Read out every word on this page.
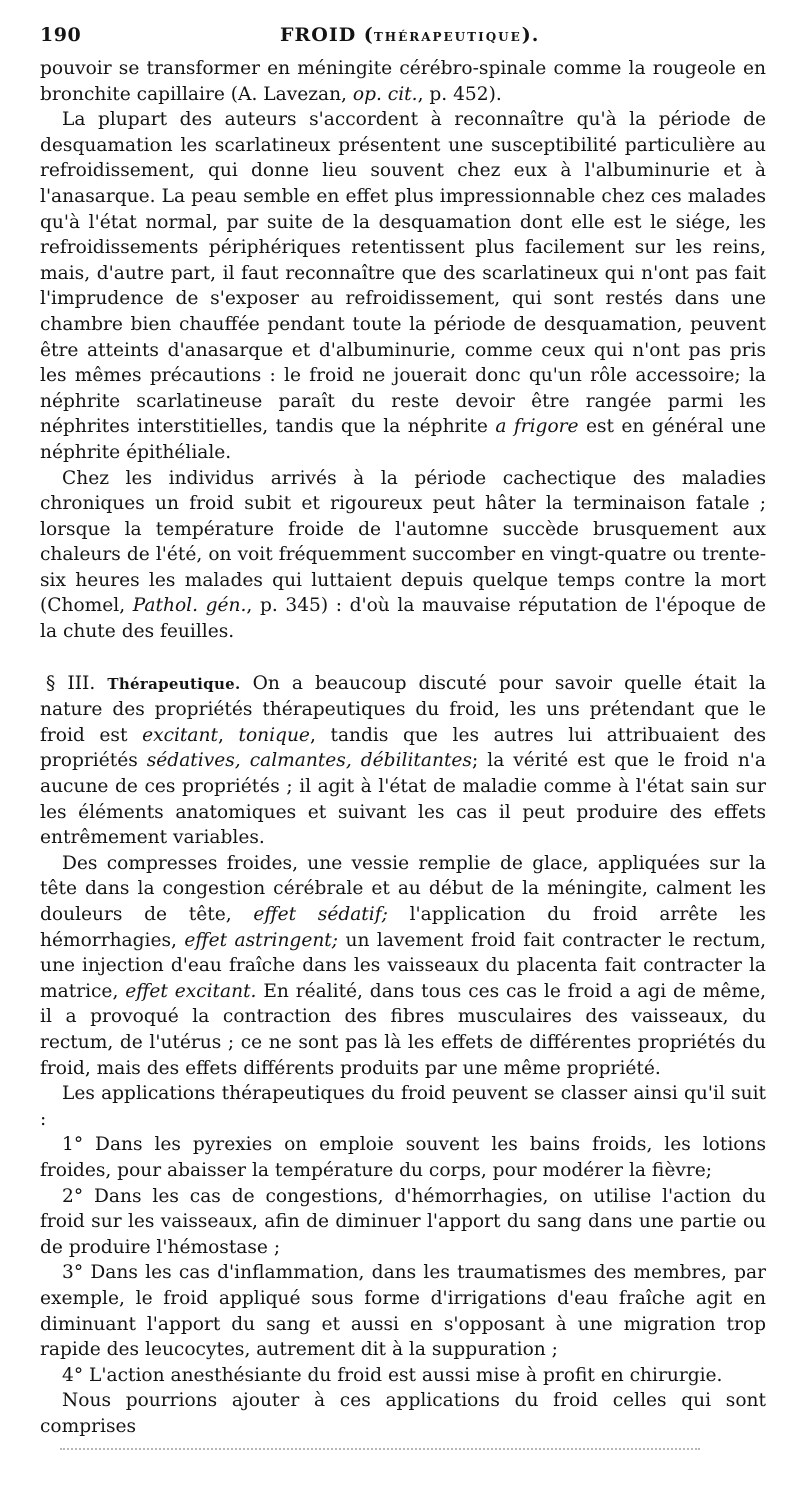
190	FROID (THÉRAPEUTIQUE).

pouvoir se transformer en méningite cérébro-spinale comme la rougeole en bronchite capillaire (A. Lavezan, op. cit., p. 452).

La plupart des auteurs s'accordent à reconnaître qu'à la période de desquamation les scarlatineux présentent une susceptibilité particulière au refroidissement, qui donne lieu souvent chez eux à l'albuminurie et à l'anasarque. La peau semble en effet plus impressionnable chez ces malades qu'à l'état normal, par suite de la desquamation dont elle est le siége, les refroidissements périphériques retentissent plus facilement sur les reins, mais, d'autre part, il faut reconnaître que des scarlatineux qui n'ont pas fait l'imprudence de s'exposer au refroidissement, qui sont restés dans une chambre bien chauffée pendant toute la période de desquamation, peuvent être atteints d'anasarque et d'albuminurie, comme ceux qui n'ont pas pris les mêmes précautions : le froid ne jouerait donc qu'un rôle accessoire; la néphrite scarlatineuse paraît du reste devoir être rangée parmi les néphrites interstitielles, tandis que la néphrite a frigore est en général une néphrite épithéliale.

Chez les individus arrivés à la période cachectique des maladies chroniques un froid subit et rigoureux peut hâter la terminaison fatale ; lorsque la température froide de l'automne succède brusquement aux chaleurs de l'été, on voit fréquemment succomber en vingt-quatre ou trente-six heures les malades qui luttaient depuis quelque temps contre la mort (Chomel, Pathol. gén., p. 345) : d'où la mauvaise réputation de l'époque de la chute des feuilles.

§ III. Thérapeutique. On a beaucoup discuté pour savoir quelle était la nature des propriétés thérapeutiques du froid, les uns prétendant que le froid est excitant, tonique, tandis que les autres lui attribuaient des propriétés sédatives, calmantes, débilitantes; la vérité est que le froid n'a aucune de ces propriétés ; il agit à l'état de maladie comme à l'état sain sur les éléments anatomiques et suivant les cas il peut produire des effets entrêmement variables.

Des compresses froides, une vessie remplie de glace, appliquées sur la tête dans la congestion cérébrale et au début de la méningite, calment les douleurs de tête, effet sédatif; l'application du froid arrête les hémorrhagies, effet astringent; un lavement froid fait contracter le rectum, une injection d'eau fraîche dans les vaisseaux du placenta fait contracter la matrice, effet excitant. En réalité, dans tous ces cas le froid a agi de même, il a provoqué la contraction des fibres musculaires des vaisseaux, du rectum, de l'utérus ; ce ne sont pas là les effets de différentes propriétés du froid, mais des effets différents produits par une même propriété.

Les applications thérapeutiques du froid peuvent se classer ainsi qu'il suit :

1° Dans les pyrexies on emploie souvent les bains froids, les lotions froides, pour abaisser la température du corps, pour modérer la fièvre;

2° Dans les cas de congestions, d'hémorrhagies, on utilise l'action du froid sur les vaisseaux, afin de diminuer l'apport du sang dans une partie ou de produire l'hémostase ;

3° Dans les cas d'inflammation, dans les traumatismes des membres, par exemple, le froid appliqué sous forme d'irrigations d'eau fraîche agit en diminuant l'apport du sang et aussi en s'opposant à une migration trop rapide des leucocytes, autrement dit à la suppuration ;

4° L'action anesthésiante du froid est aussi mise à profit en chirurgie.

Nous pourrions ajouter à ces applications du froid celles qui sont comprises
